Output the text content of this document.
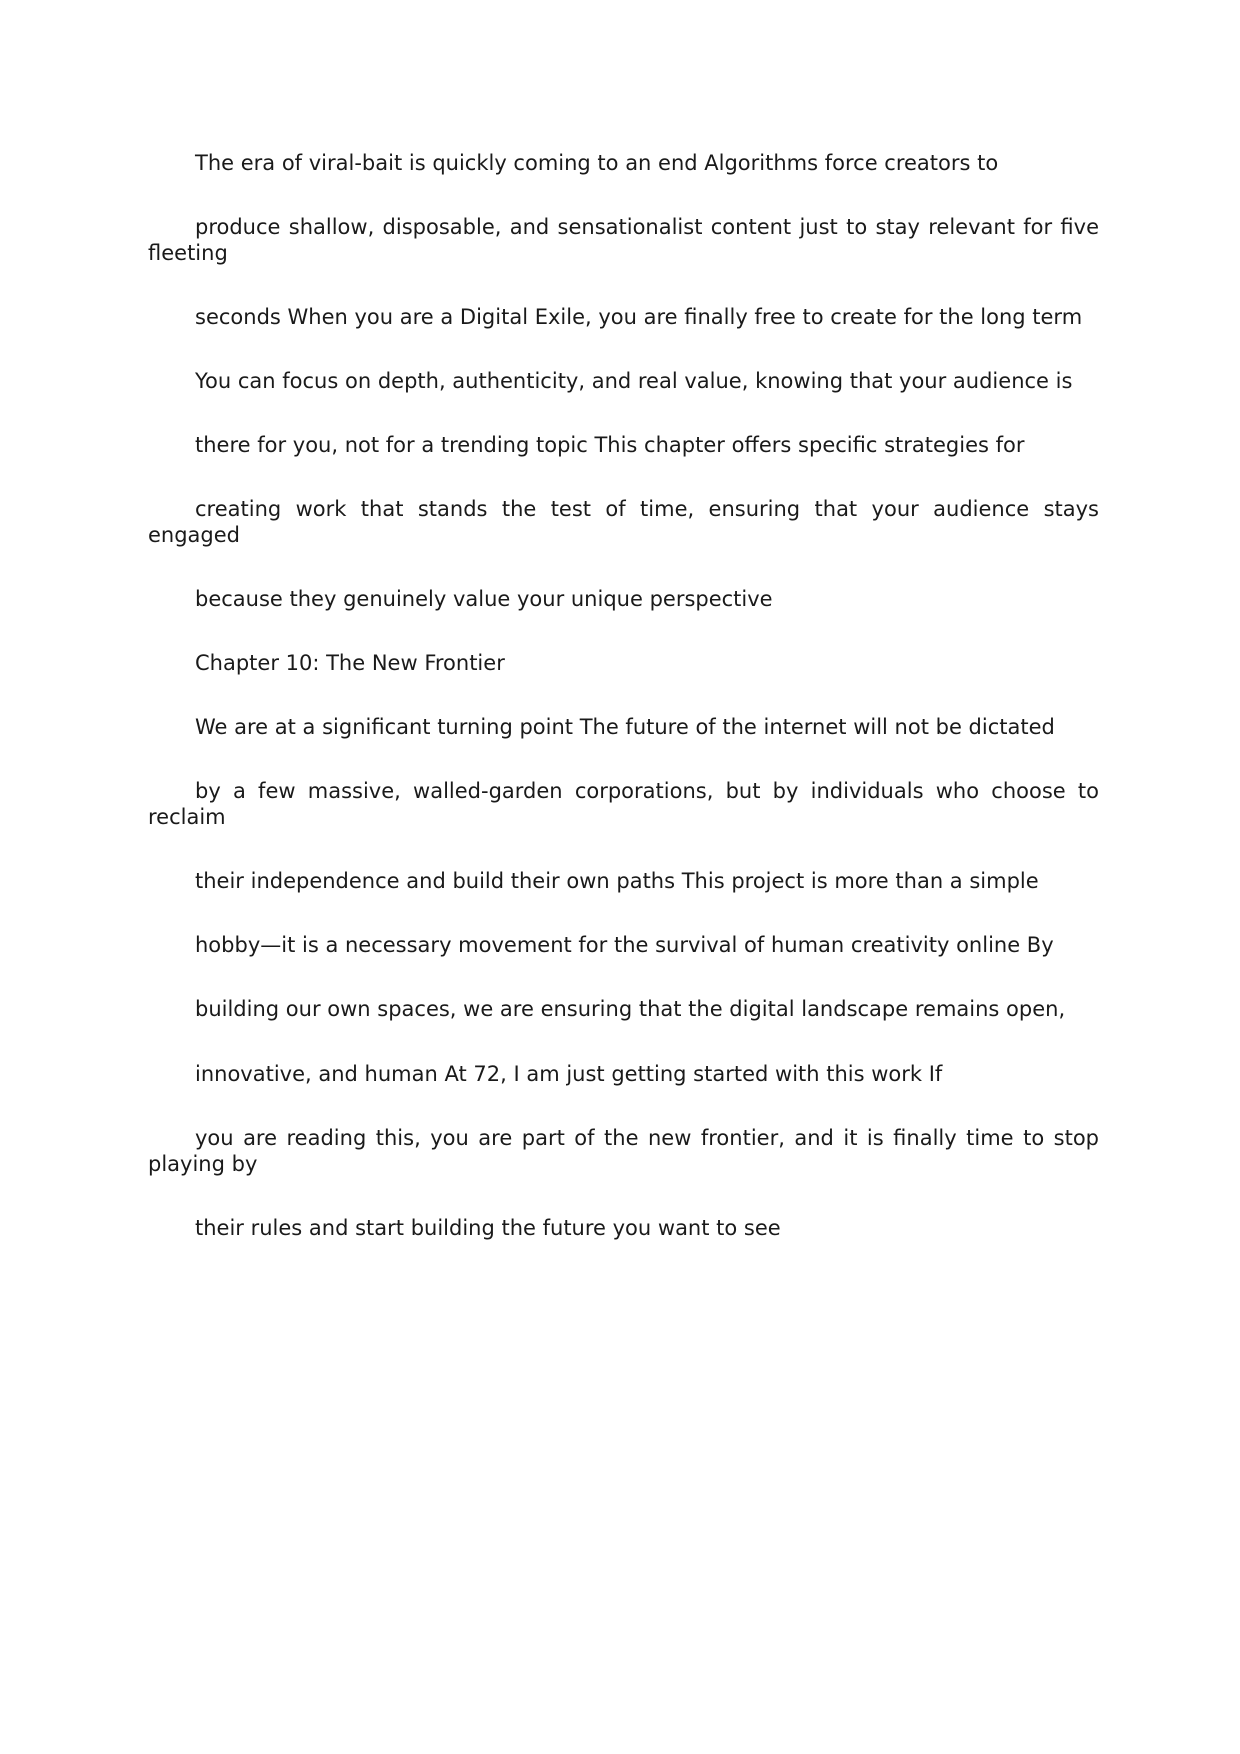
The era of viral-bait is quickly coming to an end Algorithms force creators to

produce shallow, disposable, and sensationalist content just to stay relevant for five fleeting

seconds When you are a Digital Exile, you are finally free to create for the long term

You can focus on depth, authenticity, and real value, knowing that your audience is

there for you, not for a trending topic This chapter offers specific strategies for

creating work that stands the test of time, ensuring that your audience stays engaged

because they genuinely value your unique perspective

Chapter 10: The New Frontier

We are at a significant turning point The future of the internet will not be dictated

by a few massive, walled-garden corporations, but by individuals who choose to reclaim

their independence and build their own paths This project is more than a simple

hobby—it is a necessary movement for the survival of human creativity online By

building our own spaces, we are ensuring that the digital landscape remains open,

innovative, and human At 72, I am just getting started with this work If

you are reading this, you are part of the new frontier, and it is finally time to stop playing by

their rules and start building the future you want to see
